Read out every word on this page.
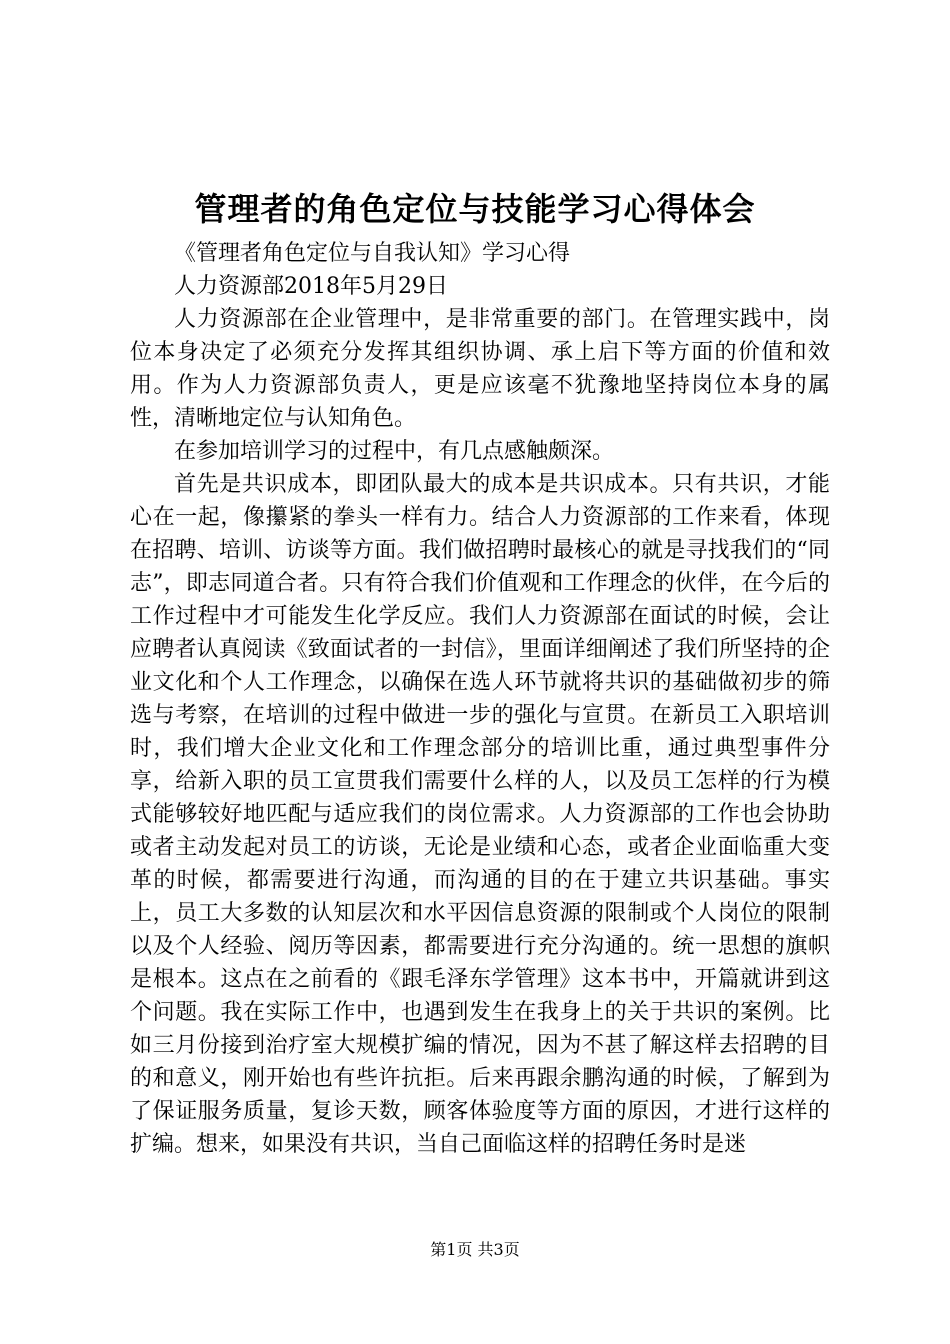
管理者的角色定位与技能学习心得体会

《管理者角色定位与自我认知》学习心得

人力资源部2018年5月29日

人力资源部在企业管理中，是非常重要的部门。在管理实践中，岗位本身决定了必须充分发挥其组织协调、承上启下等方面的价值和效用。作为人力资源部负责人，更是应该毫不犹豫地坚持岗位本身的属性，清晰地定位与认知角色。

在参加培训学习的过程中，有几点感触颇深。

首先是共识成本，即团队最大的成本是共识成本。只有共识，才能心在一起，像攥紧的拳头一样有力。结合人力资源部的工作来看，体现在招聘、培训、访谈等方面。我们做招聘时最核心的就是寻找我们的“同志”，即志同道合者。只有符合我们价值观和工作理念的伙伴，在今后的工作过程中才可能发生化学反应。我们人力资源部在面试的时候，会让应聘者认真阅读《致面试者的一封信》，里面详细阐述了我们所坚持的企业文化和个人工作理念，以确保在选人环节就将共识的基础做初步的筛选与考察，在培训的过程中做进一步的强化与宣贯。在新员工入职培训时，我们增大企业文化和工作理念部分的培训比重，通过典型事件分享，给新入职的员工宣贯我们需要什么样的人，以及员工怎样的行为模式能够较好地匹配与适应我们的岗位需求。人力资源部的工作也会协助或者主动发起对员工的访谈，无论是业绩和心态，或者企业面临重大变革的时候，都需要进行沟通，而沟通的目的在于建立共识基础。事实上，员工大多数的认知层次和水平因信息资源的限制或个人岗位的限制以及个人经验、阅历等因素，都需要进行充分沟通的。统一思想的旗帜是根本。这点在之前看的《跟毛泽东学管理》这本书中，开篇就讲到这个问题。我在实际工作中，也遇到发生在我身上的关于共识的案例。比如三月份接到治疗室大规模扩编的情况，因为不甚了解这样去招聘的目的和意义，刚开始也有些许抗拒。后来再跟余鹏沟通的时候，了解到为了保证服务质量，复诊天数，顾客体验度等方面的原因，才进行这样的扩编。想来，如果没有共识，当自己面临这样的招聘任务时是迷

第1页 共3页
